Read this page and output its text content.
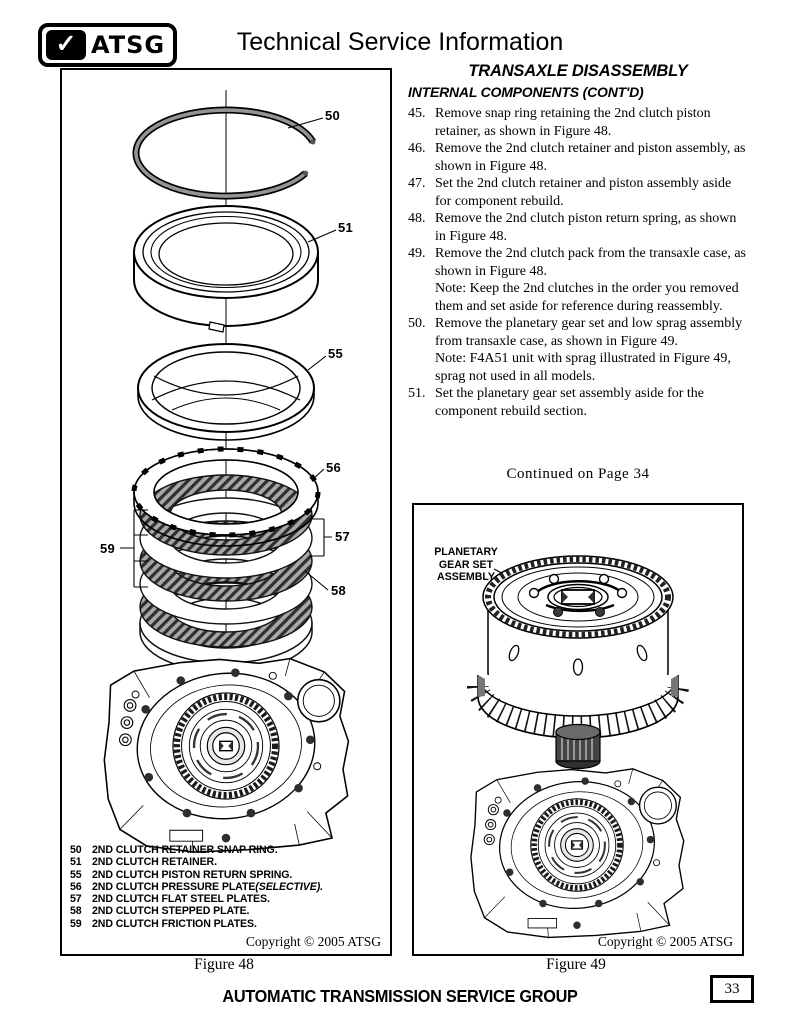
✓ ATSG	Technical Service Information
TRANSAXLE DISASSEMBLY
INTERNAL COMPONENTS (CONT'D)
45. Remove snap ring retaining the 2nd clutch piston retainer, as shown in Figure 48.
46. Remove the 2nd clutch retainer and piston assembly, as shown in Figure 48.
47. Set the 2nd clutch retainer and piston assembly aside for component rebuild.
48. Remove the 2nd clutch piston return spring, as shown in Figure 48.
49. Remove the 2nd clutch pack from the transaxle case, as shown in Figure 48.
Note: Keep the 2nd clutches in the order you removed them and set aside for reference during reassembly.
50. Remove the planetary gear set and low sprag assembly from transaxle case, as shown in Figure 49.
Note: F4A51 unit with sprag illustrated in Figure 49, sprag not used in all models.
51. Set the planetary gear set assembly aside for the component rebuild section.
Continued on Page 34
50
51
55
56
57
58
59
50 2ND CLUTCH RETAINER SNAP RING.
51 2ND CLUTCH RETAINER.
55 2ND CLUTCH PISTON RETURN SPRING.
56 2ND CLUTCH PRESSURE PLATE (SELECTIVE).
57 2ND CLUTCH FLAT STEEL PLATES.
58 2ND CLUTCH STEPPED PLATE.
59 2ND CLUTCH FRICTION PLATES.
Copyright © 2005 ATSG
PLANETARY
GEAR SET
ASSEMBLY
Copyright © 2005 ATSG
Figure 48	Figure 49
AUTOMATIC TRANSMISSION SERVICE GROUP	33
